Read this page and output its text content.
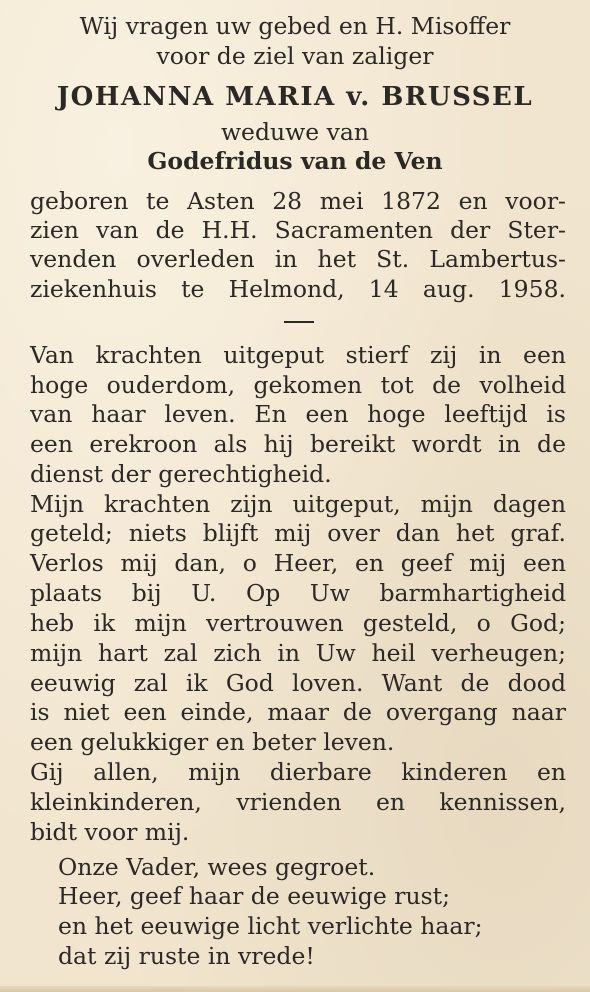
Wij vragen uw gebed en H. Misoffer

voor de ziel van zaliger

JOHANNA MARIA v. BRUSSEL

weduwe van

Godefridus van de Ven

geboren te Asten 28 mei 1872 en voor-

zien van de H.H. Sacramenten der Ster-

venden overleden in het St. Lambertus-

ziekenhuis te Helmond, 14 aug. 1958.

Van krachten uitgeput stierf zij in een

hoge ouderdom, gekomen tot de volheid

van haar leven. En een hoge leeftijd is

een erekroon als hij bereikt wordt in de

dienst der gerechtigheid.

Mijn krachten zijn uitgeput, mijn dagen

geteld; niets blijft mij over dan het graf.

Verlos mij dan, o Heer, en geef mij een

plaats bij U. Op Uw barmhartigheid

heb ik mijn vertrouwen gesteld, o God;

mijn hart zal zich in Uw heil verheugen;

eeuwig zal ik God loven. Want de dood

is niet een einde, maar de overgang naar

een gelukkiger en beter leven.

Gij allen, mijn dierbare kinderen en

kleinkinderen, vrienden en kennissen,

bidt voor mij.

Onze Vader, wees gegroet.

Heer, geef haar de eeuwige rust;

en het eeuwige licht verlichte haar;

dat zij ruste in vrede!
